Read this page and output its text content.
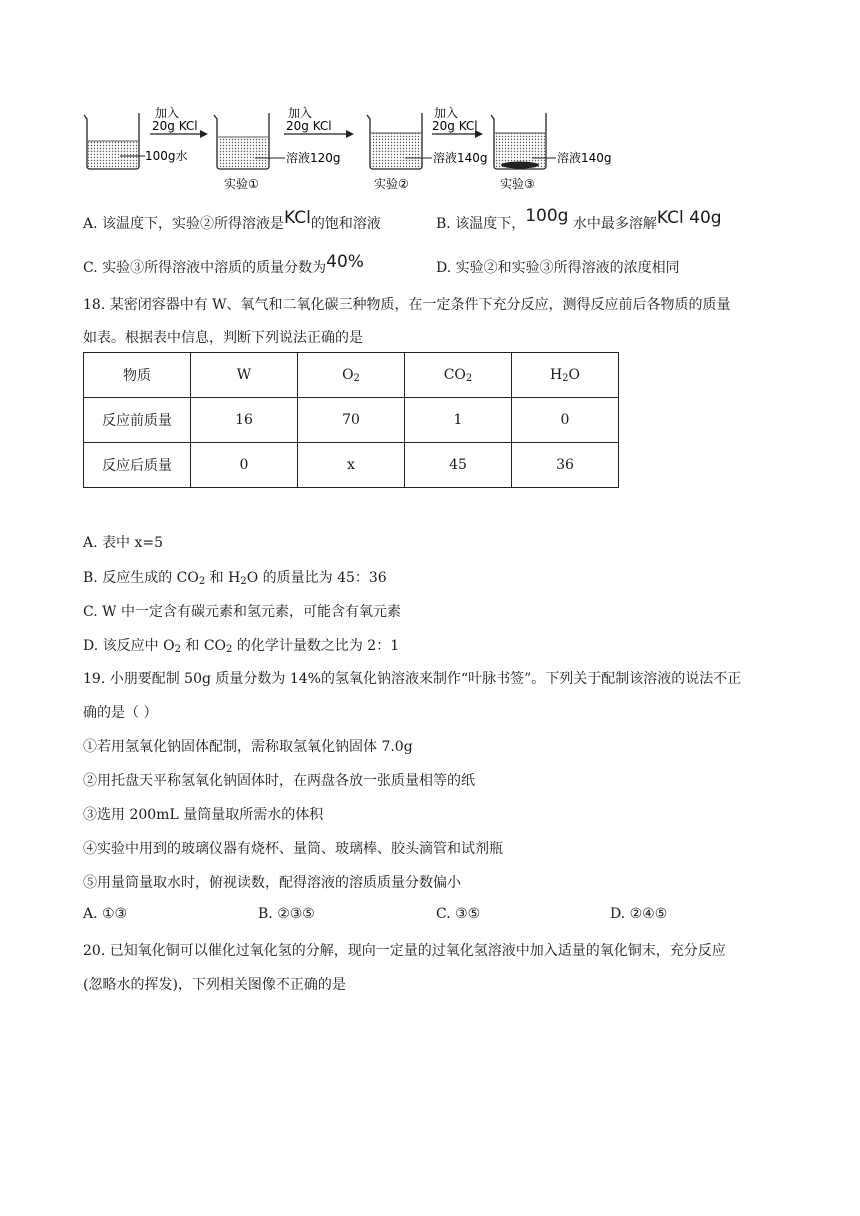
加入
20g KCl
加入
20g KCl
加入
20g KCl
100g水	溶液120g	溶液140g	溶液140g
实验①	实验②	实验③
A. 该温度下，实验②所得溶液是KCl的饱和溶液	B. 该温度下，100g 水中最多溶解KCl 40g
C. 实验③所得溶液中溶质的质量分数为40%	D. 实验②和实验③所得溶液的浓度相同
18. 某密闭容器中有 W、氧气和二氧化碳三种物质，在一定条件下充分反应，测得反应前后各物质的质量
如表。根据表中信息，判断下列说法正确的是
物质	W	$O_2$	$CO_2$	$H_2O$
反应前质量	16	70	1	0
反应后质量	0	x	45	36
A. 表中 x=5
B. 反应生成的 $CO_2$ 和 $H_2O$ 的质量比为 45：36
C. W 中一定含有碳元素和氢元素，可能含有氧元素
D. 该反应中 $O_2$ 和 $CO_2$ 的化学计量数之比为 2：1
19. 小朋要配制 50g 质量分数为 14%的氢氧化钠溶液来制作“叶脉书签”。下列关于配制该溶液的说法不正
确的是（ ）
①若用氢氧化钠固体配制，需称取氢氧化钠固体 7.0g
②用托盘天平称氢氧化钠固体时，在两盘各放一张质量相等的纸
③选用 200mL 量筒量取所需水的体积
④实验中用到的玻璃仪器有烧杯、量筒、玻璃棒、胶头滴管和试剂瓶
⑤用量筒量取水时，俯视读数，配得溶液的溶质质量分数偏小
A. ①③	B. ②③⑤	C. ③⑤	D. ②④⑤
20. 已知氧化铜可以催化过氧化氢的分解，现向一定量的过氧化氢溶液中加入适量的氧化铜末，充分反应
(忽略水的挥发)，下列相关图像不正确的是
